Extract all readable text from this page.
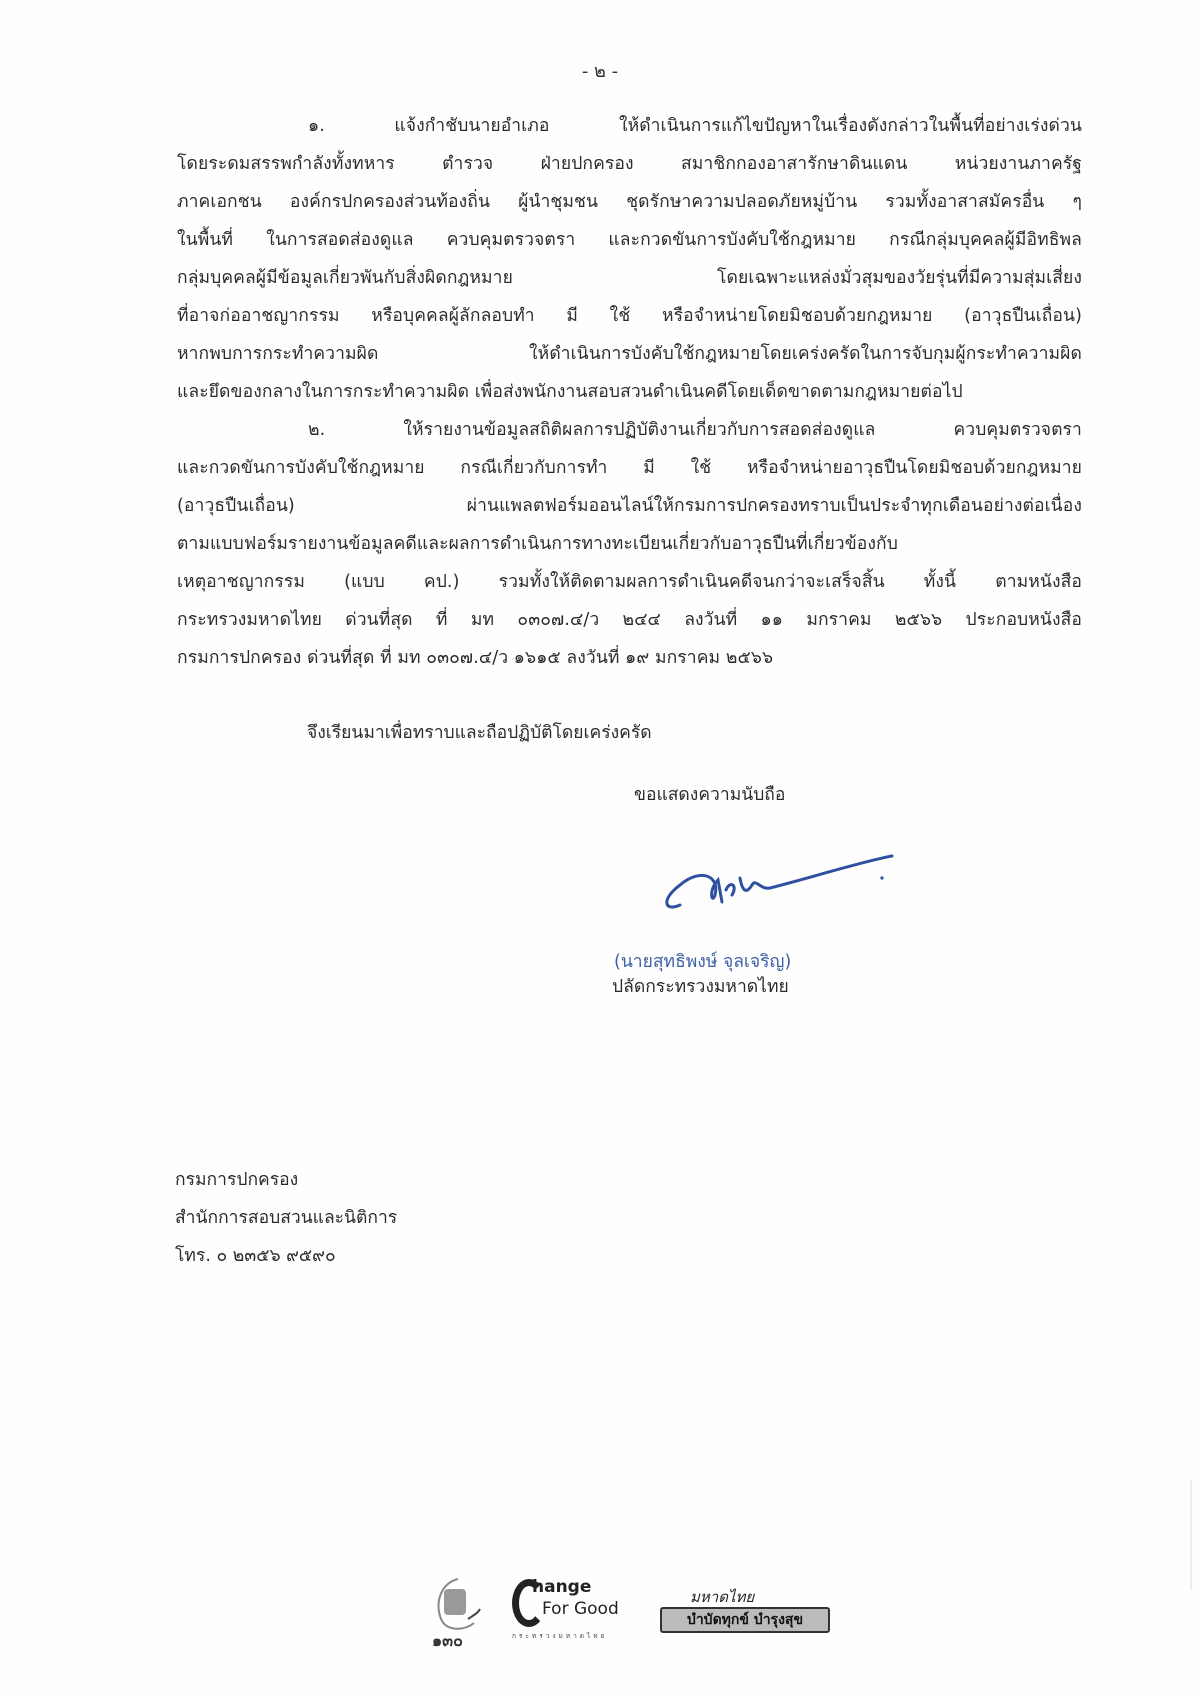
- ๒ -
๑. แจ้งกำชับนายอำเภอ ให้ดำเนินการแก้ไขปัญหาในเรื่องดังกล่าวในพื้นที่อย่างเร่งด่วน
โดยระดมสรรพกำลังทั้งทหาร ตำรวจ ฝ่ายปกครอง สมาชิกกองอาสารักษาดินแดน หน่วยงานภาครัฐ
ภาคเอกชน องค์กรปกครองส่วนท้องถิ่น ผู้นำชุมชน ชุดรักษาความปลอดภัยหมู่บ้าน รวมทั้งอาสาสมัครอื่น ๆ
ในพื้นที่ ในการสอดส่องดูแล ควบคุมตรวจตรา และกวดขันการบังคับใช้กฎหมาย กรณีกลุ่มบุคคลผู้มีอิทธิพล
กลุ่มบุคคลผู้มีข้อมูลเกี่ยวพันกับสิ่งผิดกฎหมาย โดยเฉพาะแหล่งมั่วสุมของวัยรุ่นที่มีความสุ่มเสี่ยง
ที่อาจก่ออาชญากรรม หรือบุคคลผู้ลักลอบทำ มี ใช้ หรือจำหน่ายโดยมิชอบด้วยกฎหมาย (อาวุธปืนเถื่อน)
หากพบการกระทำความผิด ให้ดำเนินการบังคับใช้กฎหมายโดยเคร่งครัดในการจับกุมผู้กระทำความผิด
และยึดของกลางในการกระทำความผิด เพื่อส่งพนักงานสอบสวนดำเนินคดีโดยเด็ดขาดตามกฎหมายต่อไป
๒. ให้รายงานข้อมูลสถิติผลการปฏิบัติงานเกี่ยวกับการสอดส่องดูแล ควบคุมตรวจตรา
และกวดขันการบังคับใช้กฎหมาย กรณีเกี่ยวกับการทำ มี ใช้ หรือจำหน่ายอาวุธปืนโดยมิชอบด้วยกฎหมาย
(อาวุธปืนเถื่อน) ผ่านแพลตฟอร์มออนไลน์ให้กรมการปกครองทราบเป็นประจำทุกเดือนอย่างต่อเนื่อง
ตามแบบฟอร์มรายงานข้อมูลคดีและผลการดำเนินการทางทะเบียนเกี่ยวกับอาวุธปืนที่เกี่ยวข้องกับ
เหตุอาชญากรรม (แบบ คป.) รวมทั้งให้ติดตามผลการดำเนินคดีจนกว่าจะเสร็จสิ้น ทั้งนี้ ตามหนังสือ
กระทรวงมหาดไทย ด่วนที่สุด ที่ มท ๐๓๐๗.๔/ว ๒๔๔ ลงวันที่ ๑๑ มกราคม ๒๕๖๖ ประกอบหนังสือ
กรมการปกครอง ด่วนที่สุด ที่ มท ๐๓๐๗.๔/ว ๑๖๑๕ ลงวันที่ ๑๙ มกราคม ๒๕๖๖
จึงเรียนมาเพื่อทราบและถือปฏิบัติโดยเคร่งครัด
ขอแสดงความนับถือ
(นายสุทธิพงษ์ จุลเจริญ)
ปลัดกระทรวงมหาดไทย
กรมการปกครอง
สำนักการสอบสวนและนิติการ
โทร. ๐ ๒๓๕๖ ๙๕๙๐
๑๓๐
hange
For Good
กระทรวงมหาดไทย
มหาดไทย
บำบัดทุกข์ บำรุงสุข
